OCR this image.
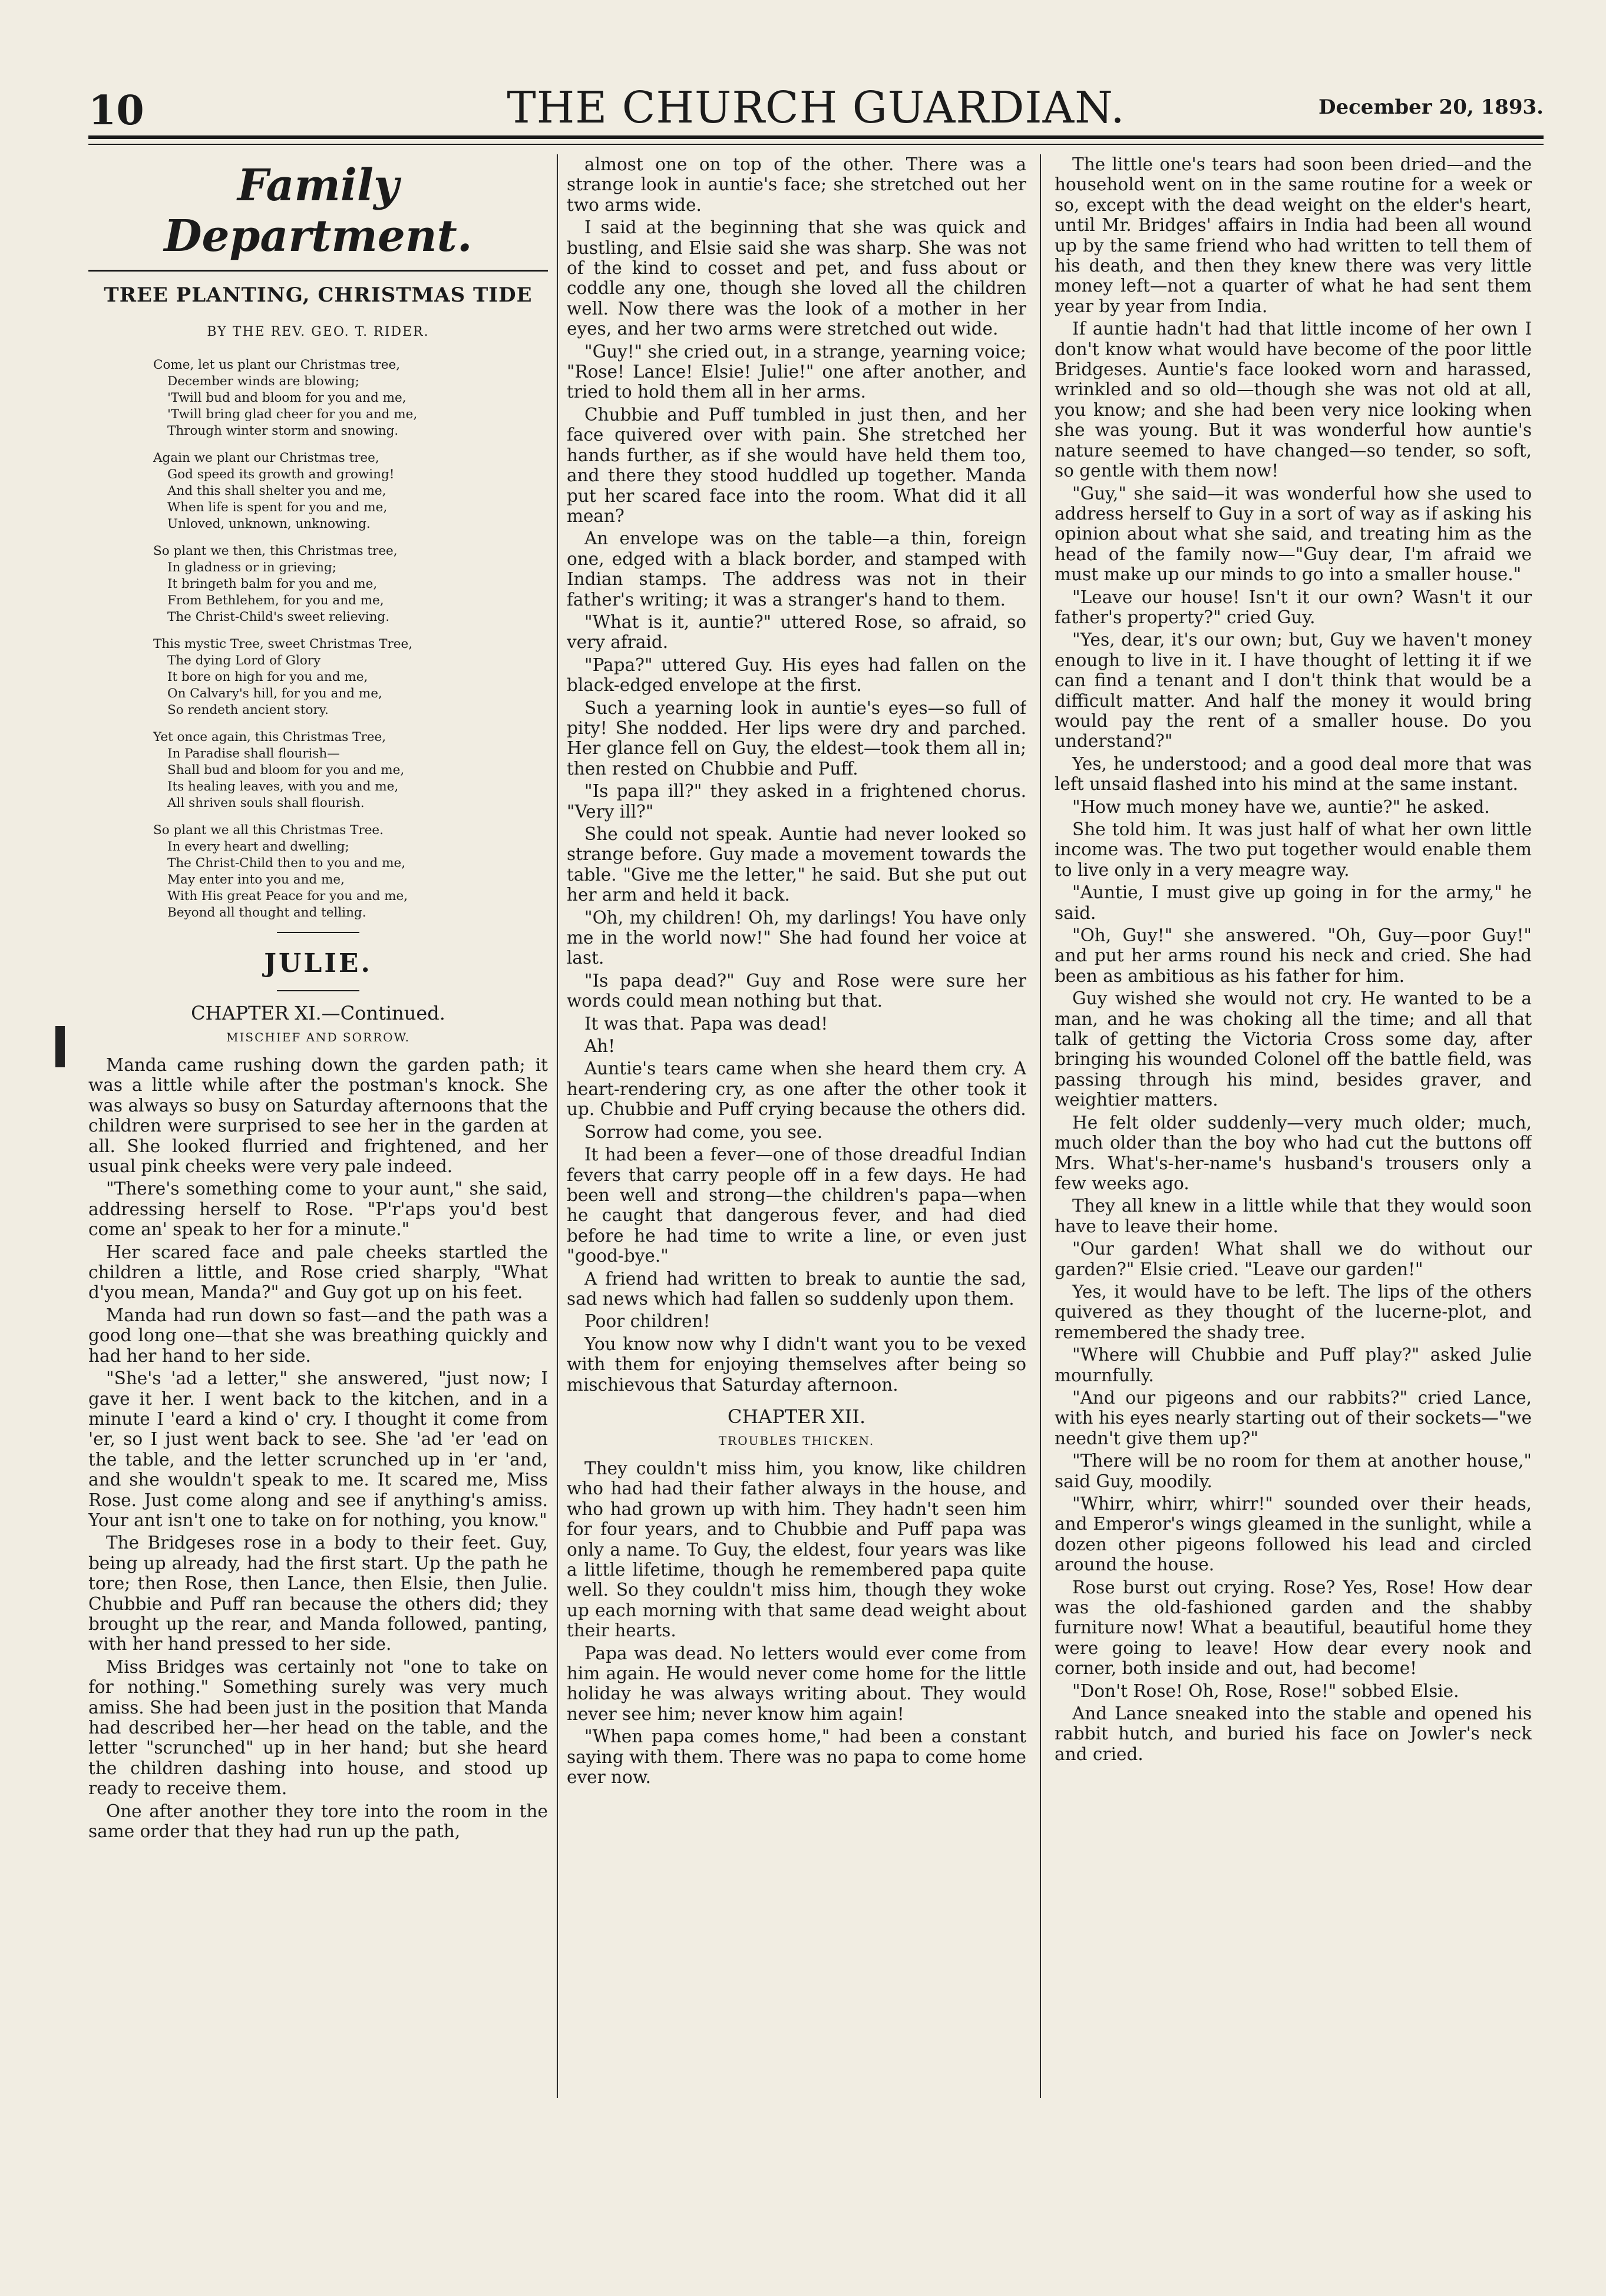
10	THE CHURCH GUARDIAN.	December 20, 1893.
Family Department.
TREE PLANTING, CHRISTMAS TIDE
BY THE REV. GEO. T. RIDER.
Come, let us plant our Christmas tree,
December winds are blowing;
'Twill bud and bloom for you and me,
'Twill bring glad cheer for you and me,
Through winter storm and snowing.
Again we plant our Christmas tree,
God speed its growth and growing!
And this shall shelter you and me,
When life is spent for you and me,
Unloved, unknown, unknowing.
So plant we then, this Christmas tree,
In gladness or in grieving;
It bringeth balm for you and me,
From Bethlehem, for you and me,
The Christ-Child's sweet relieving.
This mystic Tree, sweet Christmas Tree,
The dying Lord of Glory
It bore on high for you and me,
On Calvary's hill, for you and me,
So rendeth ancient story.
Yet once again, this Christmas Tree,
In Paradise shall flourish—
Shall bud and bloom for you and me,
Its healing leaves, with you and me,
All shriven souls shall flourish.
So plant we all this Christmas Tree.
In every heart and dwelling;
The Christ-Child then to you and me,
May enter into you and me,
With His great Peace for you and me,
Beyond all thought and telling.
JULIE.
CHAPTER XI.—Continued.
MISCHIEF AND SORROW.

Manda came rushing down the garden path; it was a little while after the postman's knock. She was always so busy on Saturday afternoons that the children were surprised to see her in the garden at all. She looked flurried and frightened, and her usual pink cheeks were very pale indeed.

"There's something come to your aunt," she said, addressing herself to Rose. "P'r'aps you'd best come an' speak to her for a minute."

Her scared face and pale cheeks startled the children a little, and Rose cried sharply, "What d'you mean, Manda?" and Guy got up on his feet.

Manda had run down so fast—and the path was a good long one—that she was breathing quickly and had her hand to her side.

"She's 'ad a letter," she answered, "just now; I gave it her. I went back to the kitchen, and in a minute I 'eard a kind o' cry. I thought it come from 'er, so I just went back to see. She 'ad 'er 'ead on the table, and the letter scrunched up in 'er 'and, and she wouldn't speak to me. It scared me, Miss Rose. Just come along and see if anything's amiss. Your ant isn't one to take on for nothing, you know."

The Bridgeses rose in a body to their feet. Guy, being up already, had the first start. Up the path he tore; then Rose, then Lance, then Elsie, then Julie. Chubbie and Puff ran because the others did; they brought up the rear, and Manda followed, panting, with her hand pressed to her side.

Miss Bridges was certainly not "one to take on for nothing." Something surely was very much amiss. She had been just in the position that Manda had described her—her head on the table, and the letter "scrunched" up in her hand; but she heard the children dashing into house, and stood up ready to receive them.

One after another they tore into the room in the same order that they had run up the path,

almost one on top of the other. There was a strange look in auntie's face; she stretched out her two arms wide.

I said at the beginning that she was quick and bustling, and Elsie said she was sharp. She was not of the kind to cosset and pet, and fuss about or coddle any one, though she loved all the children well. Now there was the look of a mother in her eyes, and her two arms were stretched out wide.

"Guy!" she cried out, in a strange, yearning voice; "Rose! Lance! Elsie! Julie!" one after another, and tried to hold them all in her arms.

Chubbie and Puff tumbled in just then, and her face quivered over with pain. She stretched her hands further, as if she would have held them too, and there they stood huddled up together. Manda put her scared face into the room. What did it all mean?

An envelope was on the table—a thin, foreign one, edged with a black border, and stamped with Indian stamps. The address was not in their father's writing; it was a stranger's hand to them.

"What is it, auntie?" uttered Rose, so afraid, so very afraid.

"Papa?" uttered Guy. His eyes had fallen on the black-edged envelope at the first.

Such a yearning look in auntie's eyes—so full of pity! She nodded. Her lips were dry and parched. Her glance fell on Guy, the eldest—took them all in; then rested on Chubbie and Puff.

"Is papa ill?" they asked in a frightened chorus. "Very ill?"

She could not speak. Auntie had never looked so strange before. Guy made a movement towards the table. "Give me the letter," he said. But she put out her arm and held it back.

"Oh, my children! Oh, my darlings! You have only me in the world now!" She had found her voice at last.

"Is papa dead?" Guy and Rose were sure her words could mean nothing but that.

It was that. Papa was dead!

Ah!

Auntie's tears came when she heard them cry. A heart-rendering cry, as one after the other took it up. Chubbie and Puff crying because the others did.

Sorrow had come, you see.

It had been a fever—one of those dreadful Indian fevers that carry people off in a few days. He had been well and strong—the children's papa—when he caught that dangerous fever, and had died before he had time to write a line, or even just "good-bye."

A friend had written to break to auntie the sad, sad news which had fallen so suddenly upon them.

Poor children!

You know now why I didn't want you to be vexed with them for enjoying themselves after being so mischievous that Saturday afternoon.

CHAPTER XII.
TROUBLES THICKEN.

They couldn't miss him, you know, like children who had had their father always in the house, and who had grown up with him. They hadn't seen him for four years, and to Chubbie and Puff papa was only a name. To Guy, the eldest, four years was like a little lifetime, though he remembered papa quite well. So they couldn't miss him, though they woke up each morning with that same dead weight about their hearts.

Papa was dead. No letters would ever come from him again. He would never come home for the little holiday he was always writing about. They would never see him; never know him again!

"When papa comes home," had been a constant saying with them. There was no papa to come home ever now.

The little one's tears had soon been dried—and the household went on in the same routine for a week or so, except with the dead weight on the elder's heart, until Mr. Bridges' affairs in India had been all wound up by the same friend who had written to tell them of his death, and then they knew there was very little money left—not a quarter of what he had sent them year by year from India.

If auntie hadn't had that little income of her own I don't know what would have become of the poor little Bridgeses. Auntie's face looked worn and harassed, wrinkled and so old—though she was not old at all, you know; and she had been very nice looking when she was young. But it was wonderful how auntie's nature seemed to have changed—so tender, so soft, so gentle with them now!

"Guy," she said—it was wonderful how she used to address herself to Guy in a sort of way as if asking his opinion about what she said, and treating him as the head of the family now—"Guy dear, I'm afraid we must make up our minds to go into a smaller house."

"Leave our house! Isn't it our own? Wasn't it our father's property?" cried Guy.

"Yes, dear, it's our own; but, Guy we haven't money enough to live in it. I have thought of letting it if we can find a tenant and I don't think that would be a difficult matter. And half the money it would bring would pay the rent of a smaller house. Do you understand?"

Yes, he understood; and a good deal more that was left unsaid flashed into his mind at the same instant.

"How much money have we, auntie?" he asked.

She told him. It was just half of what her own little income was. The two put together would enable them to live only in a very meagre way.

"Auntie, I must give up going in for the army," he said.

"Oh, Guy!" she answered. "Oh, Guy—poor Guy!" and put her arms round his neck and cried. She had been as ambitious as his father for him.

Guy wished she would not cry. He wanted to be a man, and he was choking all the time; and all that talk of getting the Victoria Cross some day, after bringing his wounded Colonel off the battle field, was passing through his mind, besides graver, and weightier matters.

He felt older suddenly—very much older; much, much older than the boy who had cut the buttons off Mrs. What's-her-name's husband's trousers only a few weeks ago.

They all knew in a little while that they would soon have to leave their home.

"Our garden! What shall we do without our garden?" Elsie cried. "Leave our garden!"

Yes, it would have to be left. The lips of the others quivered as they thought of the lucerne-plot, and remembered the shady tree.

"Where will Chubbie and Puff play?" asked Julie mournfully.

"And our pigeons and our rabbits?" cried Lance, with his eyes nearly starting out of their sockets—"we needn't give them up?"

"There will be no room for them at another house," said Guy, moodily.

"Whirr, whirr, whirr!" sounded over their heads, and Emperor's wings gleamed in the sunlight, while a dozen other pigeons followed his lead and circled around the house.

Rose burst out crying. Rose? Yes, Rose! How dear was the old-fashioned garden and the shabby furniture now! What a beautiful, beautiful home they were going to leave! How dear every nook and corner, both inside and out, had become!

"Don't Rose! Oh, Rose, Rose!" sobbed Elsie.

And Lance sneaked into the stable and opened his rabbit hutch, and buried his face on Jowler's neck and cried.
